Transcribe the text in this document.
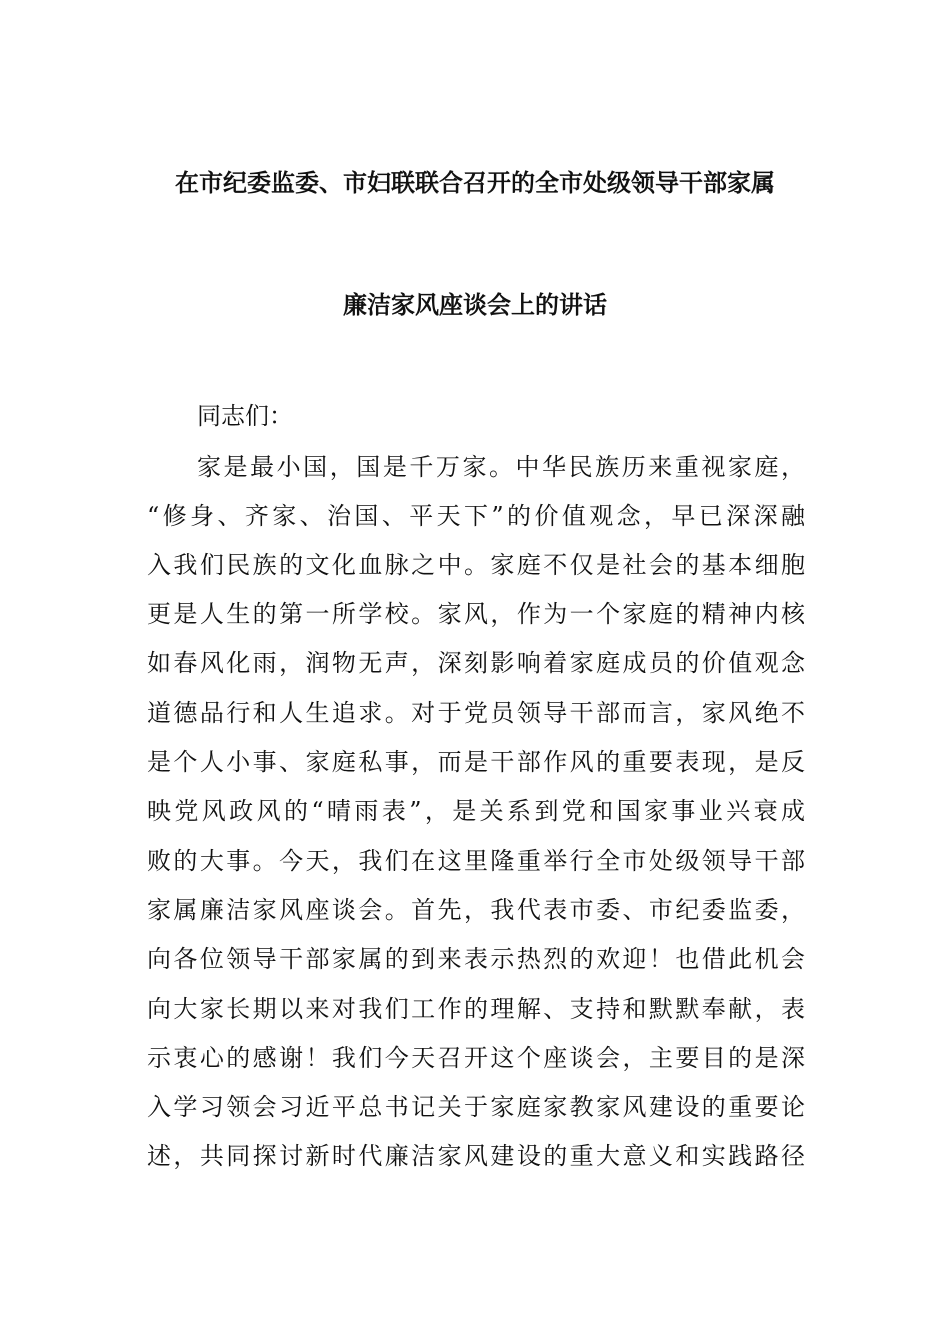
在市纪委监委、市妇联联合召开的全市处级领导干部家属
廉洁家风座谈会上的讲话
同志们：
家是最小国，国是千万家。中华民族历来重视家庭，
“修身、齐家、治国、平天下”的价值观念，早已深深融
入我们民族的文化血脉之中。家庭不仅是社会的基本细胞
更是人生的第一所学校。家风，作为一个家庭的精神内核
如春风化雨，润物无声，深刻影响着家庭成员的价值观念
道德品行和人生追求。对于党员领导干部而言，家风绝不
是个人小事、家庭私事，而是干部作风的重要表现，是反
映党风政风的“晴雨表”，是关系到党和国家事业兴衰成
败的大事。今天，我们在这里隆重举行全市处级领导干部
家属廉洁家风座谈会。首先，我代表市委、市纪委监委，
向各位领导干部家属的到来表示热烈的欢迎！也借此机会
向大家长期以来对我们工作的理解、支持和默默奉献，表
示衷心的感谢！我们今天召开这个座谈会，主要目的是深
入学习领会习近平总书记关于家庭家教家风建设的重要论
述，共同探讨新时代廉洁家风建设的重大意义和实践路径
